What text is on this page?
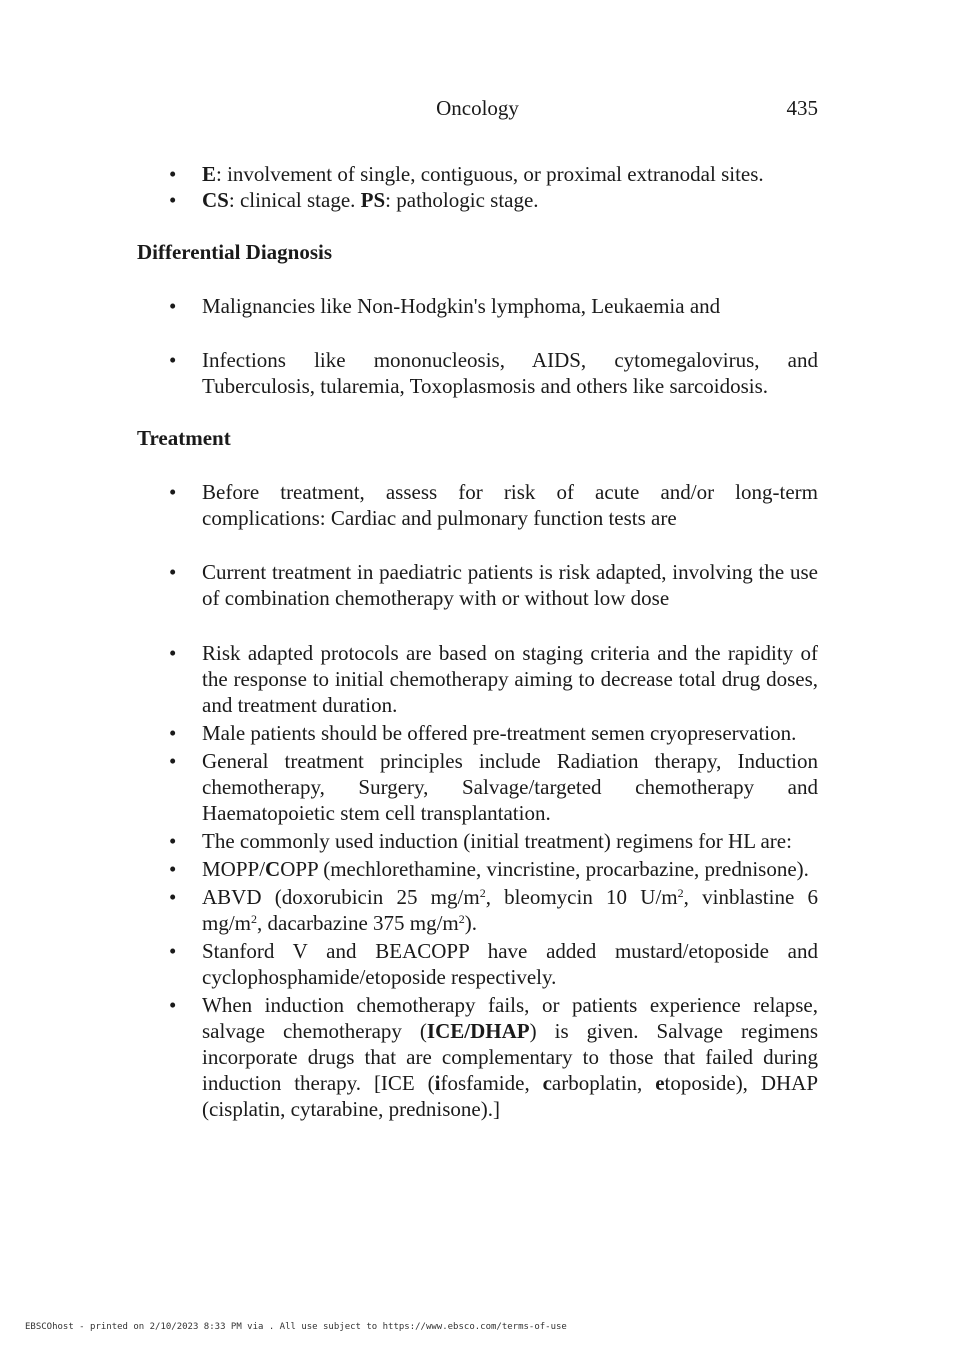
Oncology	435
• E: involvement of single, contiguous, or proximal extranodal sites.
• CS: clinical stage. PS: pathologic stage.
Differential Diagnosis
• Malignancies like Non-Hodgkin's lymphoma, Leukaemia and
• Infections like mononucleosis, AIDS, cytomegalovirus, and Tuberculosis, tularemia, Toxoplasmosis and others like sarcoidosis.
Treatment
• Before treatment, assess for risk of acute and/or long-term complications: Cardiac and pulmonary function tests are
• Current treatment in paediatric patients is risk adapted, involving the use of combination chemotherapy with or without low dose
• Risk adapted protocols are based on staging criteria and the rapidity of the response to initial chemotherapy aiming to decrease total drug doses, and treatment duration.
• Male patients should be offered pre-treatment semen cryopreservation.
• General treatment principles include Radiation therapy, Induction chemotherapy, Surgery, Salvage/targeted chemotherapy and Haematopoietic stem cell transplantation.
• The commonly used induction (initial treatment) regimens for HL are:
• MOPP/COPP (mechlorethamine, vincristine, procarbazine, prednisone).
• ABVD (doxorubicin 25 $mg/m^2$, bleomycin 10 $U/m^2$, vinblastine 6 $mg/m^2$, dacarbazine 375 $mg/m^2$).
• Stanford V and BEACOPP have added mustard/etoposide and cyclophosphamide/etoposide respectively.
• When induction chemotherapy fails, or patients experience relapse, salvage chemotherapy (ICE/DHAP) is given. Salvage regimens incorporate drugs that are complementary to those that failed during induction therapy. [ICE (ifosfamide, carboplatin, etoposide), DHAP (cisplatin, cytarabine, prednisone).]
EBSCOhost - printed on 2/10/2023 8:33 PM via . All use subject to https://www.ebsco.com/terms-of-use
